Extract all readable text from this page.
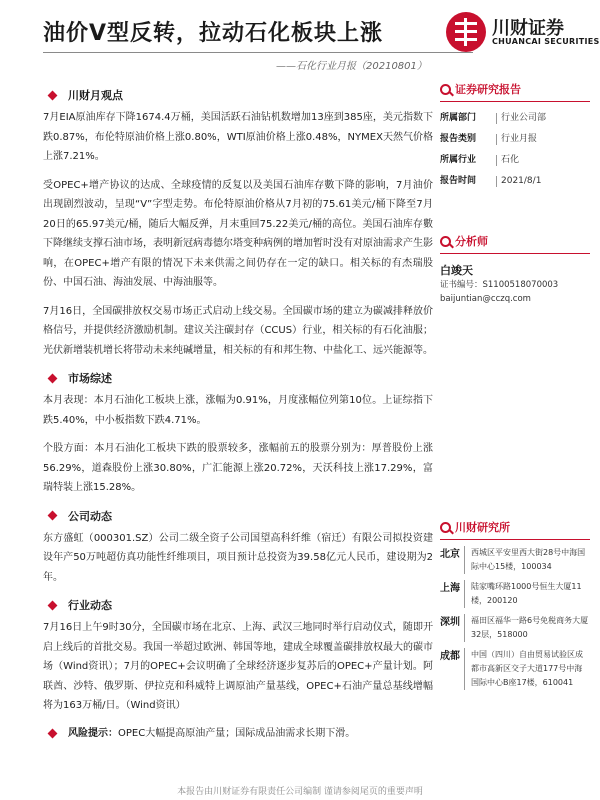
油价V型反转，拉动石化板块上涨	川财证券
CHUANCAI SECURITIES
——石化行业月报（20210801）
川财月观点

7月EIA原油库存下降1674.4万桶，美国活跃石油钻机数增加13座到385座，美元指数下跌0.87%，布伦特原油价格上涨0.80%，WTI原油价格上涨0.48%，NYMEX天然气价格上涨7.21%。

受OPEC+增产协议的达成、全球疫情的反复以及美国石油库存數下降的影响，7月油价出现剧烈波动，呈现“V”字型走势。布伦特原油价格从7月初的75.61美元/桶下降至7月20日的65.97美元/桶，随后大幅反弹，月末重回75.22美元/桶的高位。美国石油库存數下降继续支撑石油市场，表明新冠病毒德尔塔变种病例的增加暂时没有对原油需求产生影响，在OPEC+增产有限的情况下未来供需之间仍存在一定的缺口。相关标的有杰瑞股份、中国石油、海油发展、中海油服等。

7月16日，全国碳排放权交易市场正式启动上线交易。全国碳市场的建立为碳减排释放价格信号，并提供经济激励机制。建议关注碳封存（CCUS）行业，相关标的有石化油服；光伏新增装机增长将带动未来纯碱增量，相关标的有和邦生物、中盐化工、远兴能源等。

市场综述

本月表现：本月石油化工板块上涨，涨幅为0.91%，月度涨幅位列第10位。上证综指下跌5.40%，中小板指数下跌4.71%。

个股方面：本月石油化工板块下跌的股票较多，涨幅前五的股票分别为：厚普股份上涨56.29%，道森股份上涨30.80%，广汇能源上涨20.72%，天沃科技上涨17.29%，富瑞特装上涨15.28%。

公司动态

东方盛虹（000301.SZ）公司二级全资子公司国望高科纤维（宿迁）有限公司拟投资建设年产50万吨超仿真功能性纤维项目，项目预计总投资为39.58亿元人民币，建设期为2年。

行业动态

7月16日上午9时30分，全国碳市场在北京、上海、武汉三地同时举行启动仪式，随即开启上线后的首批交易。我国一举超过欧洲、韩国等地，建成全球覆盖碳排放权最大的碳市场（Wind资讯）；7月的OPEC+会议明确了全球经济逐步复苏后的OPEC+产量计划。阿联酋、沙特、俄罗斯、伊拉克和科威特上调原油产量基线，OPEC+石油产量总基线增幅将为163万桶/日。（Wind资讯）

风险提示： OPEC大幅提高原油产量；国际成品油需求长期下滑。
证券研究报告
所属部门	行业公司部
报告类别	行业月报
所属行业	石化
报告时间	2021/8/1
分析师
白竣天
证书编号：S1100518070003
baijuntian@cczq.com
川财研究所
北京	西城区平安里西大街28号中海国际中心15楼，100034
上海	陆家嘴环路1000号恒生大厦11楼，200120
深圳	福田区福华一路6号免税商务大厦32层，518000
成都	中国（四川）自由贸易试验区成都市高新区交子大道177号中海国际中心B座17楼，610041
本报告由川财证券有限责任公司编制 谨请参阅尾页的重要声明
